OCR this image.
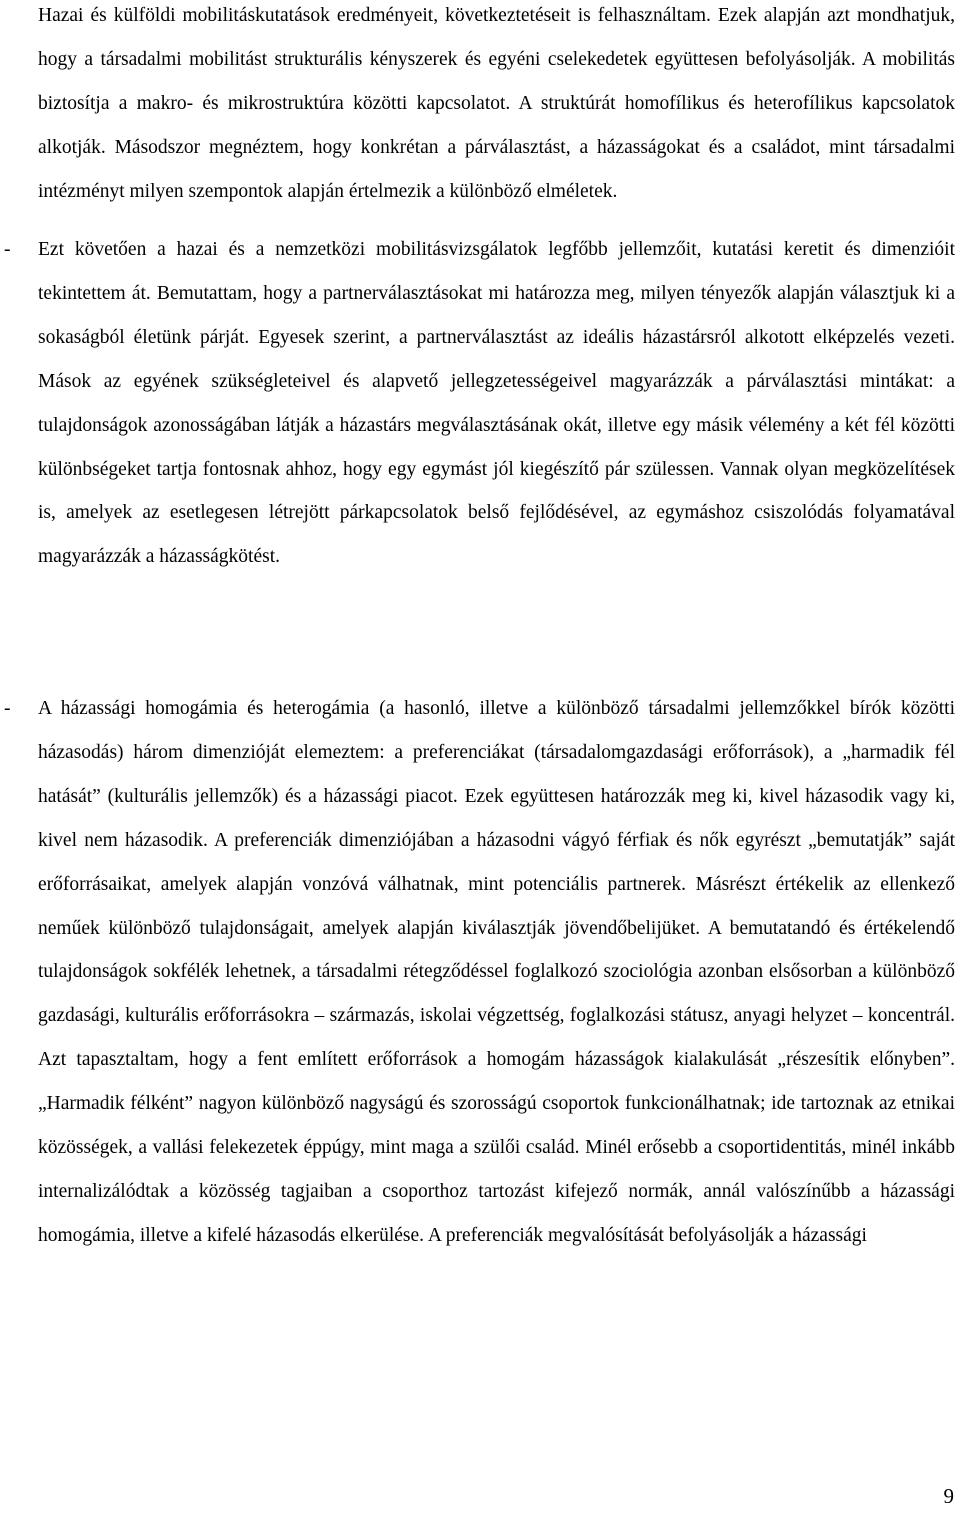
Hazai és külföldi mobilitáskutatások eredményeit, következtetéseit is felhasználtam. Ezek alapján azt mondhatjuk, hogy a társadalmi mobilitást strukturális kényszerek és egyéni cselekedetek együttesen befolyásolják. A mobilitás biztosítja a makro- és mikrostruktúra közötti kapcsolatot. A struktúrát homofílikus és heterofílikus kapcsolatok alkotják. Másodszor megnéztem, hogy konkrétan a párválasztást, a házasságokat és a családot, mint társadalmi intézményt milyen szempontok alapján értelmezik a különböző elméletek.

- Ezt követően a hazai és a nemzetközi mobilitásvizsgálatok legfőbb jellemzőit, kutatási keretit és dimenzióit tekintettem át. Bemutattam, hogy a partnerválasztásokat mi határozza meg, milyen tényezők alapján választjuk ki a sokaságból életünk párját. Egyesek szerint, a partnerválasztást az ideális házastársról alkotott elképzelés vezeti. Mások az egyének szükségleteivel és alapvető jellegzetességeivel magyarázzák a párválasztási mintákat: a tulajdonságok azonosságában látják a házastárs megválasztásának okát, illetve egy másik vélemény a két fél közötti különbségeket tartja fontosnak ahhoz, hogy egy egymást jól kiegészítő pár szülessen. Vannak olyan megközelítések is, amelyek az esetlegesen létrejött párkapcsolatok belső fejlődésével, az egymáshoz csiszolódás folyamatával magyarázzák a házasságkötést.

- A házassági homogámia és heterogámia (a hasonló, illetve a különböző társadalmi jellemzőkkel bírók közötti házasodás) három dimenzióját elemeztem: a preferenciákat (társadalomgazdasági erőforrások), a „harmadik fél hatását” (kulturális jellemzők) és a házassági piacot. Ezek együttesen határozzák meg ki, kivel házasodik vagy ki, kivel nem házasodik. A preferenciák dimenziójában a házasodni vágyó férfiak és nők egyrészt „bemutatják” saját erőforrásaikat, amelyek alapján vonzóvá válhatnak, mint potenciális partnerek. Másrészt értékelik az ellenkező neműek különböző tulajdonságait, amelyek alapján kiválasztják jövendőbelijüket. A bemutatandó és értékelendő tulajdonságok sokfélék lehetnek, a társadalmi rétegződéssel foglalkozó szociológia azonban elsősorban a különböző gazdasági, kulturális erőforrásokra – származás, iskolai végzettség, foglalkozási státusz, anyagi helyzet – koncentrál. Azt tapasztaltam, hogy a fent említett erőforrások a homogám házasságok kialakulását „részesítik előnyben”. „Harmadik félként” nagyon különböző nagyságú és szorosságú csoportok funkcionálhatnak; ide tartoznak az etnikai közösségek, a vallási felekezetek éppúgy, mint maga a szülői család. Minél erősebb a csoportidentitás, minél inkább internalizálódtak a közösség tagjaiban a csoporthoz tartozást kifejező normák, annál valószínűbb a házassági homogámia, illetve a kifelé házasodás elkerülése. A preferenciák megvalósítását befolyásolják a házassági

9
